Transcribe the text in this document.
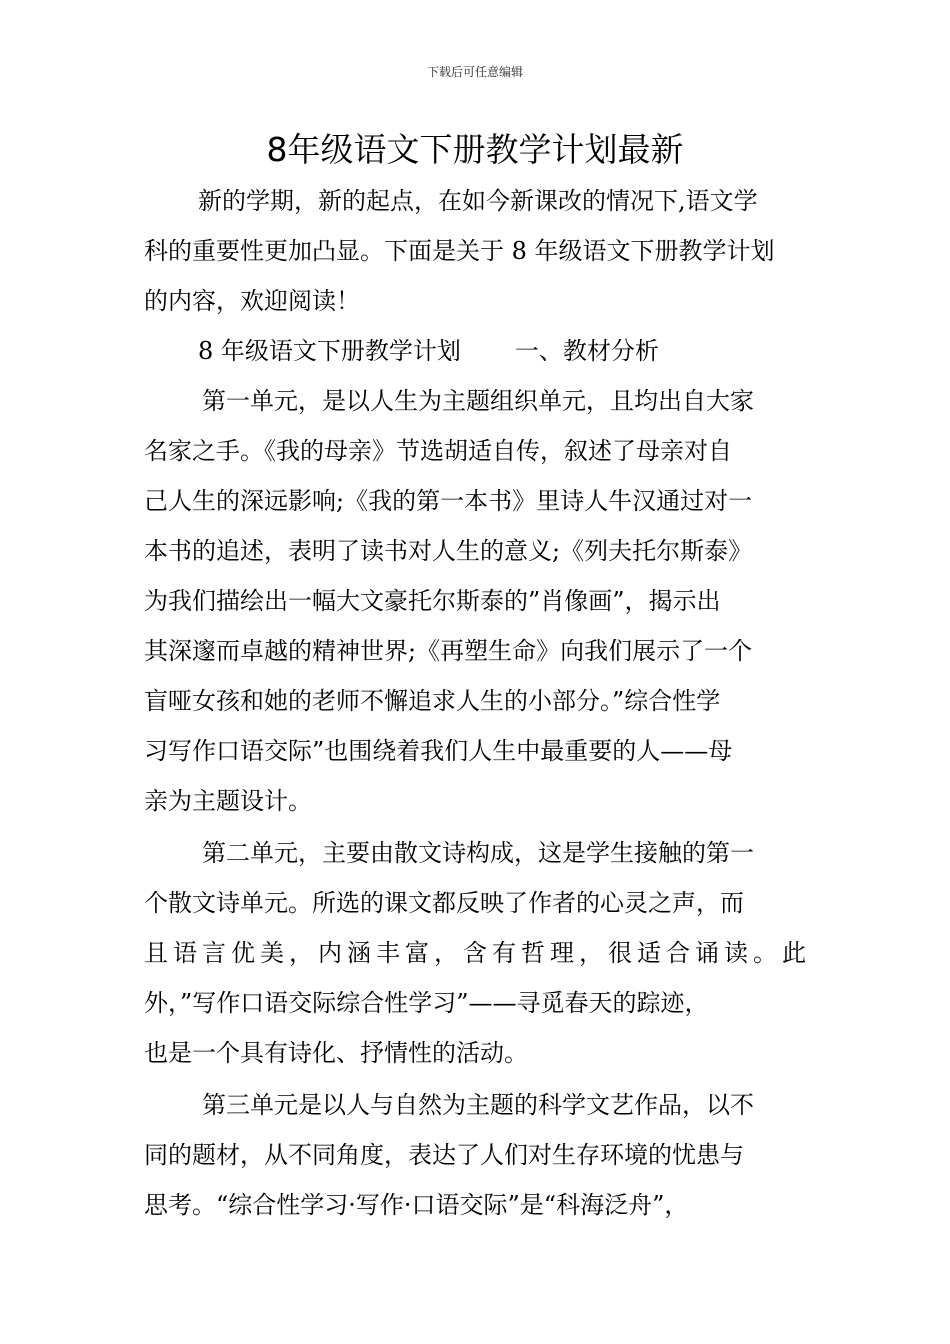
下载后可任意编辑
8年级语文下册教学计划最新
新的学期，新的起点，在如今新课改的情况下,语文学
科的重要性更加凸显。下面是关于 8 年级语文下册教学计划
的内容，欢迎阅读！
8 年级语文下册教学计划 一、教材分析
第一单元，是以人生为主题组织单元，且均出自大家
名家之手。《我的母亲》节选胡适自传，叙述了母亲对自
己人生的深远影响;《我的第一本书》里诗人牛汉通过对一
本书的追述，表明了读书对人生的意义;《列夫托尔斯泰》
为我们描绘出一幅大文豪托尔斯泰的”肖像画”，揭示出
其深邃而卓越的精神世界;《再塑生命》向我们展示了一个
盲哑女孩和她的老师不懈追求人生的小部分。”综合性学
习写作口语交际”也围绕着我们人生中最重要的人——母
亲为主题设计。
第二单元，主要由散文诗构成，这是学生接触的第一
个散文诗单元。所选的课文都反映了作者的心灵之声，而
且 语 言 优 美 ， 内 涵 丰 富 ， 含 有 哲 理 ， 很 适 合 诵 读 。 此
外，”写作口语交际综合性学习”——寻觅春天的踪迹，
也是一个具有诗化、抒情性的活动。
第三单元是以人与自然为主题的科学文艺作品，以不
同的题材，从不同角度，表达了人们对生存环境的忧患与
思考。“综合性学习·写作·口语交际”是“科海泛舟”，
